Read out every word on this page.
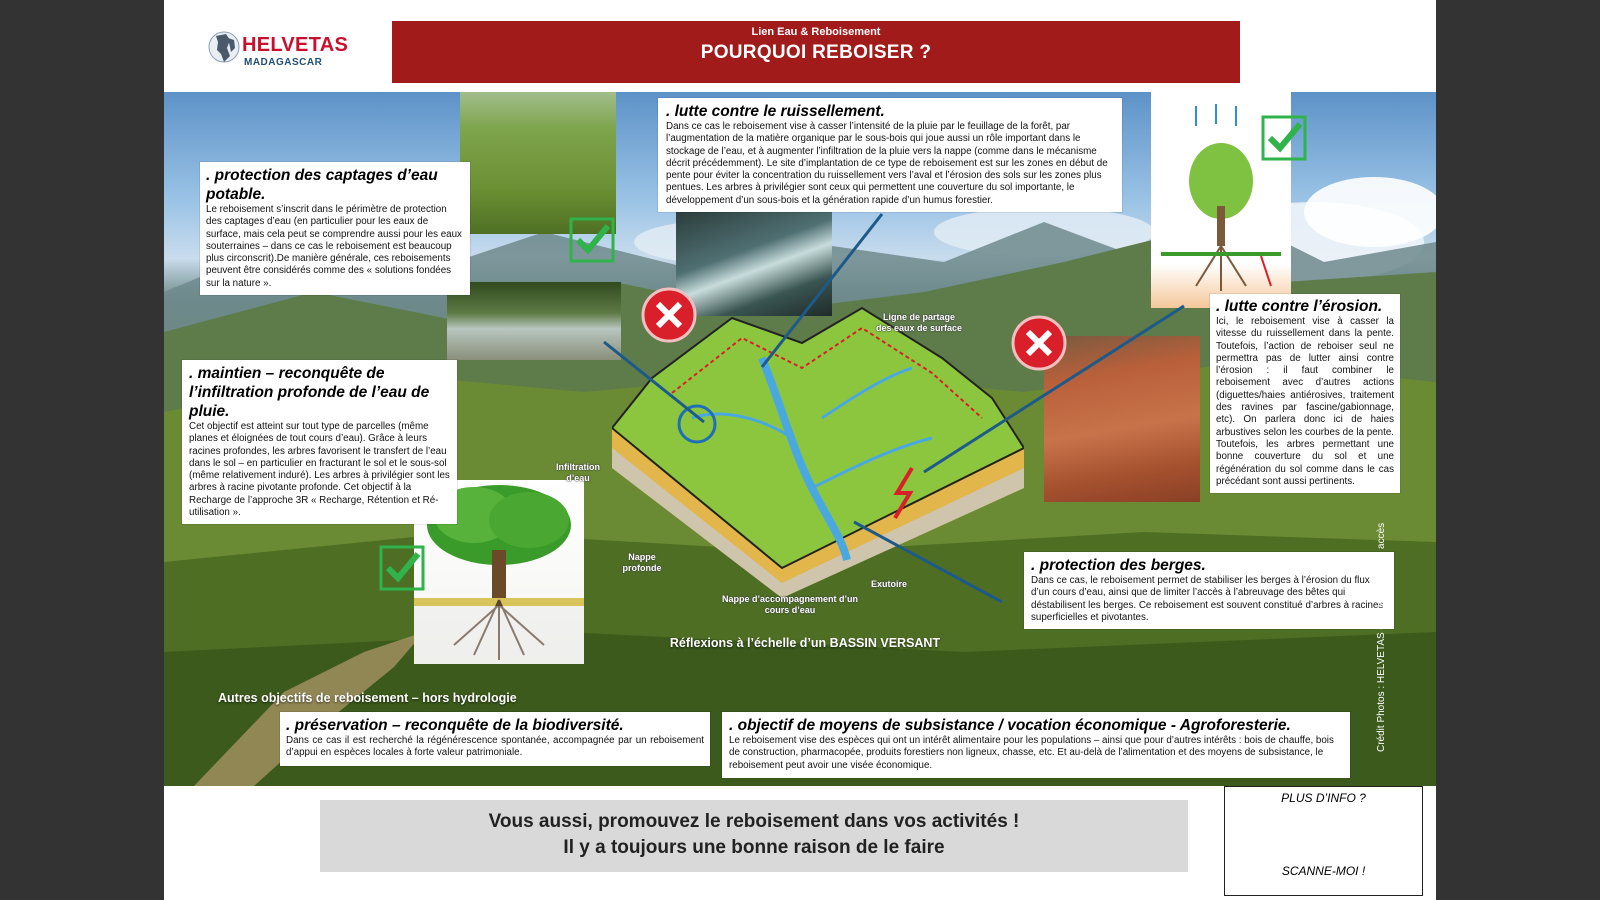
HELVETAS
MADAGASCAR
Lien Eau & Reboisement
POURQUOI REBOISER ?
Ligne de partage des eaux de surface
Infiltration d’eau
Nappe profonde
Nappe d’accompagnement d’un cours d’eau
Exutoire
. protection des captages d’eau potable.
Le reboisement s’inscrit dans le périmètre de protection des captages d’eau (en particulier pour les eaux de surface, mais cela peut se comprendre aussi pour les eaux souterraines – dans ce cas le reboisement est beaucoup plus circonscrit).De manière générale, ces reboisements peuvent être considérés comme des « solutions fondées sur la nature ».
. maintien – reconquête de l’infiltration profonde de l’eau de pluie.
Cet objectif est atteint sur tout type de parcelles (même planes et éloignées de tout cours d’eau). Grâce à leurs racines profondes, les arbres favorisent le transfert de l’eau dans le sol – en particulier en fracturant le sol et le sous-sol (même relativement induré). Les arbres à privilégier sont les arbres à racine pivotante profonde. Cet objectif à la Recharge de l’approche 3R « Recharge, Rétention et Ré-utilisation ».
. lutte contre le ruissellement.
Dans ce cas le reboisement vise à casser l’intensité de la pluie par le feuillage de la forêt, par l’augmentation de la matière organique par le sous-bois qui joue aussi un rôle important dans le stockage de l’eau, et à augmenter l’infiltration de la pluie vers la nappe (comme dans le mécanisme décrit précédemment). Le site d’implantation de ce type de reboisement est sur les zones en début de pente pour éviter la concentration du ruissellement vers l’aval et l’érosion des sols sur les zones plus pentues. Les arbres à privilégier sont ceux qui permettent une couverture du sol importante, le développement d’un sous-bois et la génération rapide d’un humus forestier.
. lutte contre l’érosion.
Ici, le reboisement vise à casser la vitesse du ruissellement dans la pente. Toutefois, l’action de reboiser seul ne permettra pas de lutter ainsi contre l’érosion : il faut combiner le reboisement avec d’autres actions (diguettes/haies antiérosives, traitement des ravines par fascine/gabionnage, etc). On parlera donc ici de haies arbustives selon les courbes de la pente. Toutefois, les arbres permettant une bonne couverture du sol et une régénération du sol comme dans le cas précédant sont aussi pertinents.
. protection des berges.
Dans ce cas, le reboisement permet de stabiliser les berges à l’érosion du flux d’un cours d’eau, ainsi que de limiter l’accès à l’abreuvage des bêtes qui déstabilisent les berges. Ce reboisement est souvent constitué d’arbres à racines superficielles et pivotantes.
Réflexions à l’échelle d’un BASSIN VERSANT
Autres objectifs de reboisement – hors hydrologie
. préservation – reconquête de la biodiversité.
Dans ce cas il est recherché la régénérescence spontanée, accompagnée par un reboisement d’appui en espèces locales à forte valeur patrimoniale.
. objectif de moyens de subsistance / vocation économique - Agroforesterie.
Le reboisement vise des espèces qui ont un intérêt alimentaire pour les populations – ainsi que pour d’autres intérêts : bois de chauffe, bois de construction, pharmacopée, produits forestiers non ligneux, chasse, etc. Et au-delà de l’alimentation et des moyens de subsistance, le reboisement peut avoir une visée économique.
Crédit Photos : HELVETAS et/Interne en libre accès
Vous aussi, promouvez le reboisement dans vos activités !
Il y a toujours une bonne raison de le faire
PLUS D’INFO ?
SCANNE-MOI !
